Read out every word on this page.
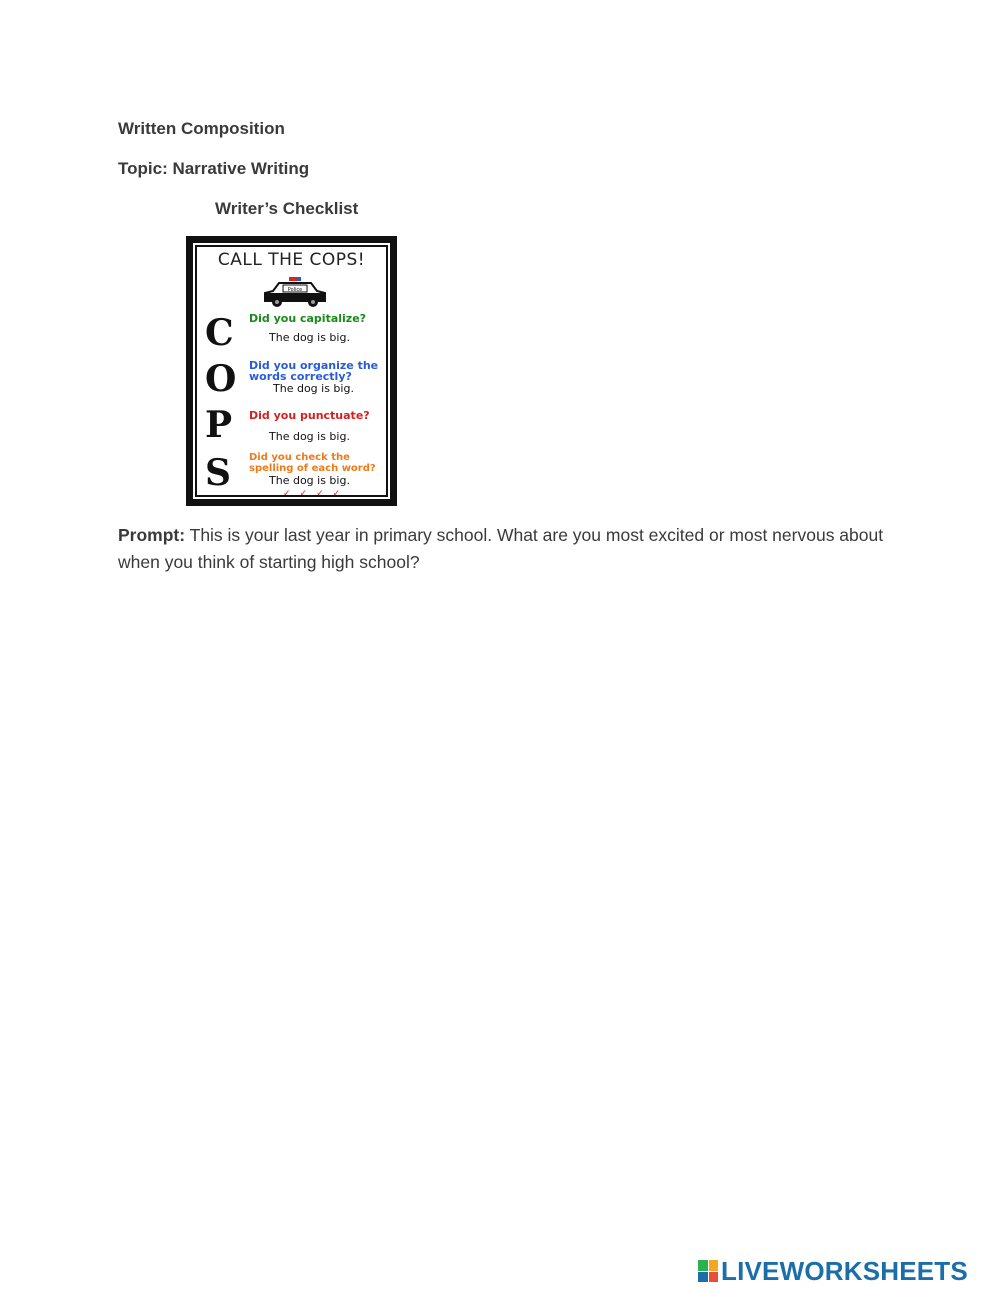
Written Composition
Topic: Narrative Writing
Writer’s Checklist
CALL THE COPS!
Police
C Did you capitalize?
The dog is big.
O Did you organize the
words correctly?
The dog is big.
P Did you punctuate?
The dog is big.
S Did you check the
spelling of each word?
The dog is big.
✓✓✓✓
Prompt: This is your last year in primary school. What are you most excited or most nervous about when you think of starting high school?
LIVEWORKSHEETS
